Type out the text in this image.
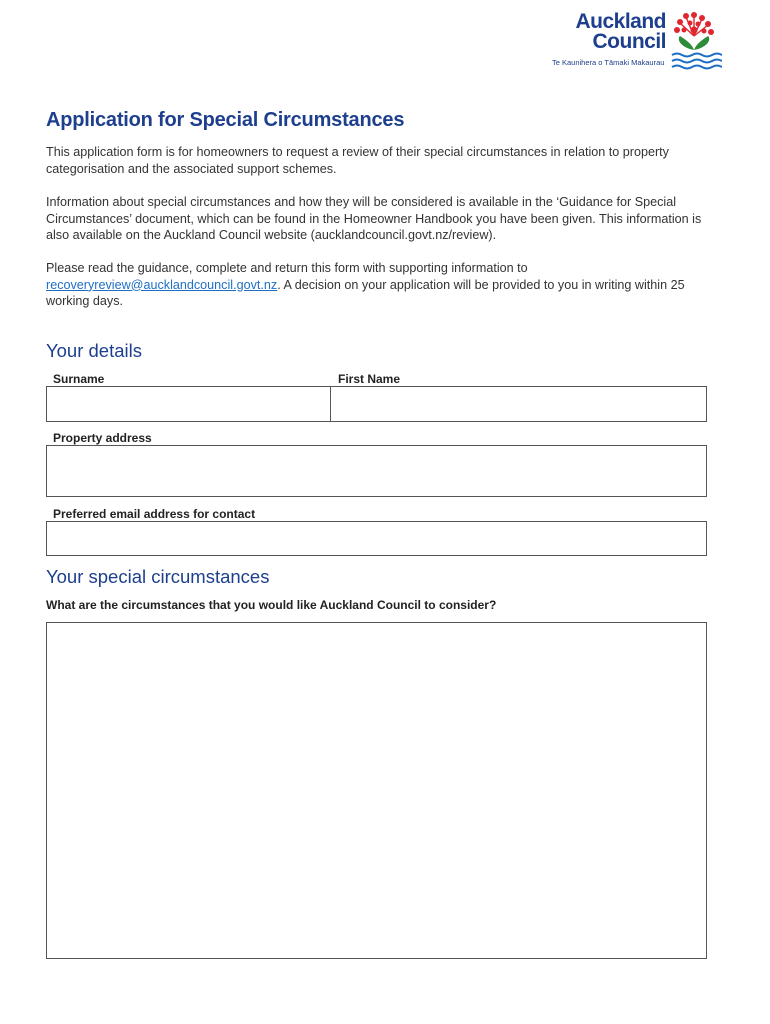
Auckland
Council
Te Kaunihera o Tāmaki Makaurau
Application for Special Circumstances

This application form is for homeowners to request a review of their special circumstances in relation to property categorisation and the associated support schemes.

Information about special circumstances and how they will be considered is available in the ‘Guidance for Special Circumstances’ document, which can be found in the Homeowner Handbook you have been given. This information is also available on the Auckland Council website (aucklandcouncil.govt.nz/review).

Please read the guidance, complete and return this form with supporting information to recoveryreview@aucklandcouncil.govt.nz. A decision on your application will be provided to you in writing within 25 working days.

Your details
Surname	First Name
Property address
Preferred email address for contact
Your special circumstances
What are the circumstances that you would like Auckland Council to consider?
